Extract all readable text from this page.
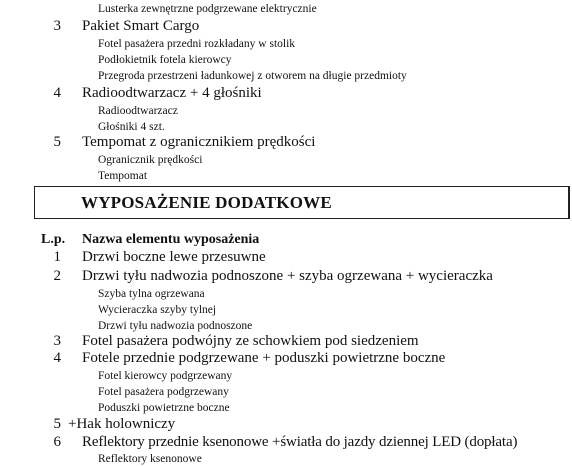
Lusterka zewnętrzne podgrzewane elektrycznie
3 Pakiet Smart Cargo
Fotel pasażera przedni rozkładany w stolik
Podłokietnik fotela kierowcy
Przegroda przestrzeni ładunkowej z otworem na długie przedmioty
4 Radioodtwarzacz + 4 głośniki
Radioodtwarzacz
Głośniki 4 szt.
5 Tempomat z ogranicznikiem prędkości
Ogranicznik prędkości
Tempomat
WYPOSAŻENIE DODATKOWE
L.p. Nazwa elementu wyposażenia
1 Drzwi boczne lewe przesuwne
2 Drzwi tyłu nadwozia podnoszone + szyba ogrzewana + wycieraczka
Szyba tylna ogrzewana
Wycieraczka szyby tylnej
Drzwi tyłu nadwozia podnoszone
3 Fotel pasażera podwójny ze schowkiem pod siedzeniem
4 Fotele przednie podgrzewane + poduszki powietrzne boczne
Fotel kierowcy podgrzewany
Fotel pasażera podgrzewany
Poduszki powietrzne boczne
5 +Hak holowniczy
6 Reflektory przednie ksenonowe +światła do jazdy dziennej LED (dopłata)
Reflektory ksenonowe
